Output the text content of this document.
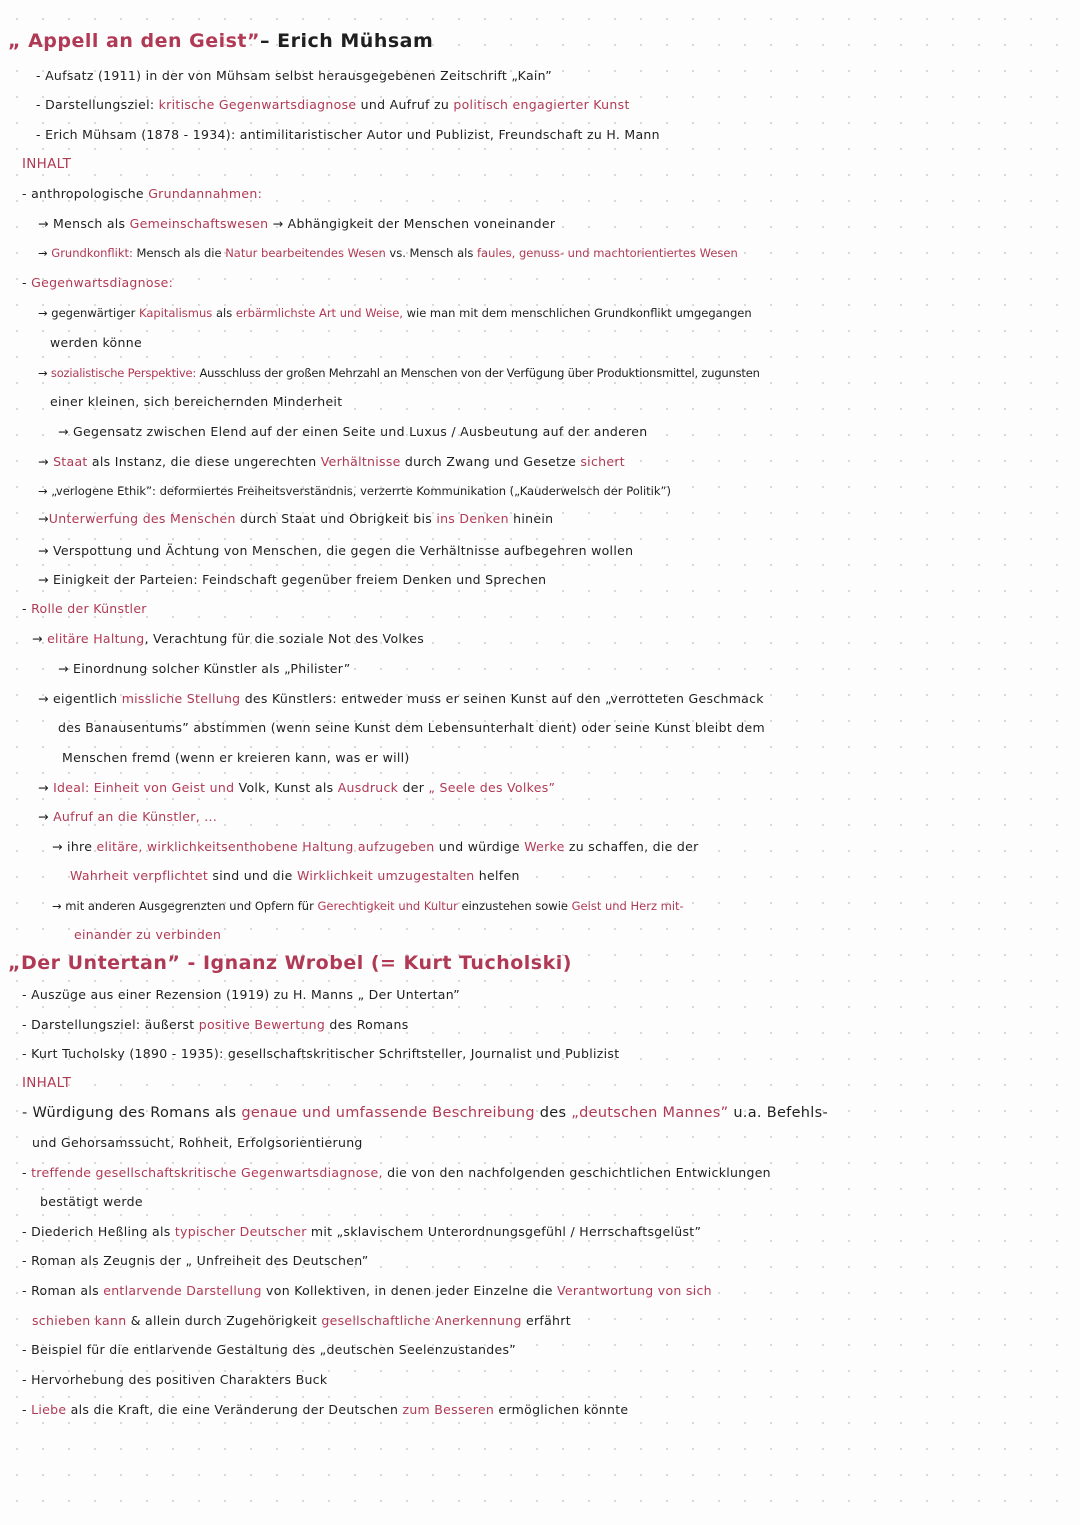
„ Appell an den Geist”– Erich Mühsam
- Aufsatz (1911) in der von Mühsam selbst herausgegebenen Zeitschrift „Kain”
- Darstellungsziel: kritische Gegenwartsdiagnose und Aufruf zu politisch engagierter Kunst
- Erich Mühsam (1878 - 1934): antimilitaristischer Autor und Publizist, Freundschaft zu H. Mann
INHALT
- anthropologische Grundannahmen:
→ Mensch als Gemeinschaftswesen → Abhängigkeit der Menschen voneinander
→ Grundkonflikt: Mensch als die Natur bearbeitendes Wesen vs. Mensch als faules, genuss- und machtorientiertes Wesen
- Gegenwartsdiagnose:
→ gegenwärtiger Kapitalismus als erbärmlichste Art und Weise, wie man mit dem menschlichen Grundkonflikt umgegangen
werden könne
→ sozialistische Perspektive: Ausschluss der großen Mehrzahl an Menschen von der Verfügung über Produktionsmittel, zugunsten
einer kleinen, sich bereichernden Minderheit
→ Gegensatz zwischen Elend auf der einen Seite und Luxus / Ausbeutung auf der anderen
→ Staat als Instanz, die diese ungerechten Verhältnisse durch Zwang und Gesetze sichert
→ „verlogene Ethik”: deformiertes Freiheitsverständnis, verzerrte Kommunikation („Kauderwelsch der Politik”)
→Unterwerfung des Menschen durch Staat und Obrigkeit bis ins Denken hinein
→ Verspottung und Ächtung von Menschen, die gegen die Verhältnisse aufbegehren wollen
→ Einigkeit der Parteien: Feindschaft gegenüber freiem Denken und Sprechen
- Rolle der Künstler
→ elitäre Haltung, Verachtung für die soziale Not des Volkes
→ Einordnung solcher Künstler als „Philister”
→ eigentlich missliche Stellung des Künstlers: entweder muss er seinen Kunst auf den „verrotteten Geschmack
des Banausentums” abstimmen (wenn seine Kunst dem Lebensunterhalt dient) oder seine Kunst bleibt dem
Menschen fremd (wenn er kreieren kann, was er will)
→ Ideal: Einheit von Geist und Volk, Kunst als Ausdruck der „ Seele des Volkes”
→ Aufruf an die Künstler, ...
→ ihre elitäre, wirklichkeitsenthobene Haltung aufzugeben und würdige Werke zu schaffen, die der
Wahrheit verpflichtet sind und die Wirklichkeit umzugestalten helfen
→ mit anderen Ausgegrenzten und Opfern für Gerechtigkeit und Kultur einzustehen sowie Geist und Herz mit-
einander zu verbinden
„Der Untertan” - Ignanz Wrobel (= Kurt Tucholski)
- Auszüge aus einer Rezension (1919) zu H. Manns „ Der Untertan”
- Darstellungsziel: äußerst positive Bewertung des Romans
- Kurt Tucholsky (1890 - 1935): gesellschaftskritischer Schriftsteller, Journalist und Publizist
INHALT
- Würdigung des Romans als genaue und umfassende Beschreibung des „deutschen Mannes” u.a. Befehls-
und Gehorsamssucht, Rohheit, Erfolgsorientierung
- treffende gesellschaftskritische Gegenwartsdiagnose, die von den nachfolgenden geschichtlichen Entwicklungen
bestätigt werde
- Diederich Heßling als typischer Deutscher mit „sklavischem Unterordnungsgefühl / Herrschaftsgelüst”
- Roman als Zeugnis der „ Unfreiheit des Deutschen”
- Roman als entlarvende Darstellung von Kollektiven, in denen jeder Einzelne die Verantwortung von sich
schieben kann & allein durch Zugehörigkeit gesellschaftliche Anerkennung erfährt
- Beispiel für die entlarvende Gestaltung des „deutschen Seelenzustandes”
- Hervorhebung des positiven Charakters Buck
- Liebe als die Kraft, die eine Veränderung der Deutschen zum Besseren ermöglichen könnte
